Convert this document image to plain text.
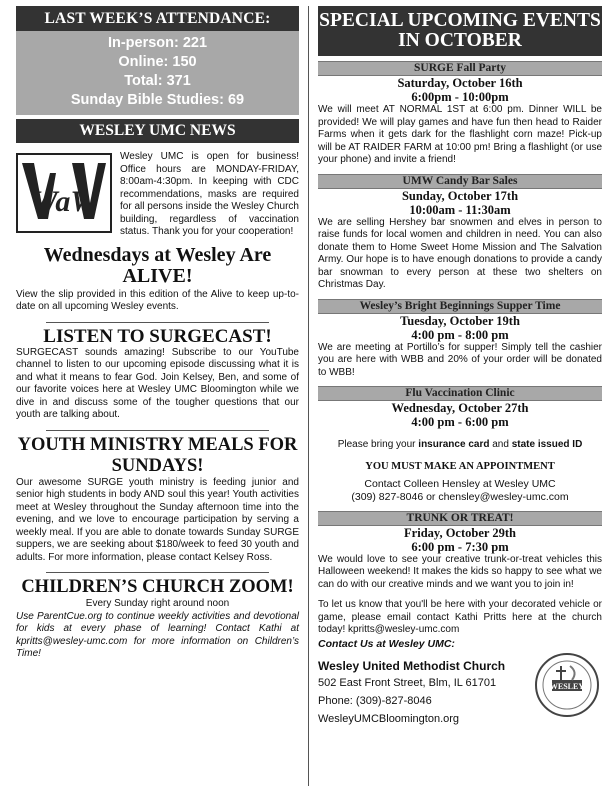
LAST WEEK’S ATTENDANCE:
In-person: 221
Online: 150
Total: 371
Sunday Bible Studies: 69
WESLEY UMC NEWS
WaW
Wesley UMC is open for business! Office hours are MONDAY-FRIDAY, 8:00am-4:30pm. In keeping with CDC recommendations, masks are required for all persons inside the Wesley Church building, regardless of vaccination status. Thank you for your cooperation!
Wednesdays at Wesley Are ALIVE!
View the slip provided in this edition of the Alive to keep up-to-date on all upcoming Wesley events.
LISTEN TO SURGECAST!
SURGECAST sounds amazing! Subscribe to our YouTube channel to listen to our upcoming episode discussing what it is and what it means to fear God. Join Kelsey, Ben, and some of our favorite voices here at Wesley UMC Bloomington while we dive in and discuss some of the tougher questions that our youth are talking about.
YOUTH MINISTRY MEALS FOR SUNDAYS!
Our awesome SURGE youth ministry is feeding junior and senior high students in body AND soul this year! Youth activities meet at Wesley throughout the Sunday afternoon time into the evening, and we love to encourage participation by serving a weekly meal. If you are able to donate towards Sunday SURGE suppers, we are seeking about $180/week to feed 30 youth and adults. For more information, please contact Kelsey Ross.
CHILDREN’S CHURCH ZOOM!
Every Sunday right around noon
Use ParentCue.org to continue weekly activities and devotional for kids at every phase of learning! Contact Kathi at kpritts@wesley-umc.com for more information on Children’s Time!
SPECIAL UPCOMING EVENTS IN OCTOBER
SURGE Fall Party
Saturday, October 16th
6:00pm - 10:00pm
We will meet AT NORMAL 1ST at 6:00 pm. Dinner WILL be provided! We will play games and have fun then head to Raider Farms when it gets dark for the flashlight corn maze! Pick-up will be AT RAIDER FARM at 10:00 pm! Bring a flashlight (or use your phone) and invite a friend!
UMW Candy Bar Sales
Sunday, October 17th
10:00am - 11:30am
We are selling Hershey bar snowmen and elves in person to raise funds for local women and children in need. You can also donate them to Home Sweet Home Mission and The Salvation Army. Our hope is to have enough donations to provide a candy bar snowman to every person at these two shelters on Christmas Day.
Wesley’s Bright Beginnings Supper Time
Tuesday, October 19th
4:00 pm - 8:00 pm
We are meeting at Portillo’s for supper! Simply tell the cashier you are here with WBB and 20% of your order will be donated to WBB!
Flu Vaccination Clinic
Wednesday, October 27th
4:00 pm - 6:00 pm
Please bring your insurance card and state issued ID
YOU MUST MAKE AN APPOINTMENT
Contact Colleen Hensley at Wesley UMC
(309) 827-8046 or chensley@wesley-umc.com
TRUNK OR TREAT!
Friday, October 29th
6:00 pm - 7:30 pm
We would love to see your creative trunk-or-treat vehicles this Halloween weekend! It makes the kids so happy to see what we can do with our creative minds and we want you to join in!
To let us know that you'll be here with your decorated vehicle or game, please email contact Kathi Pritts here at the church today! kpritts@wesley-umc.com
Contact Us at Wesley UMC:
Wesley United Methodist Church
502 East Front Street, Blm, IL 61701
Phone: (309)-827-8046
WesleyUMCBloomington.org
WESLEY
